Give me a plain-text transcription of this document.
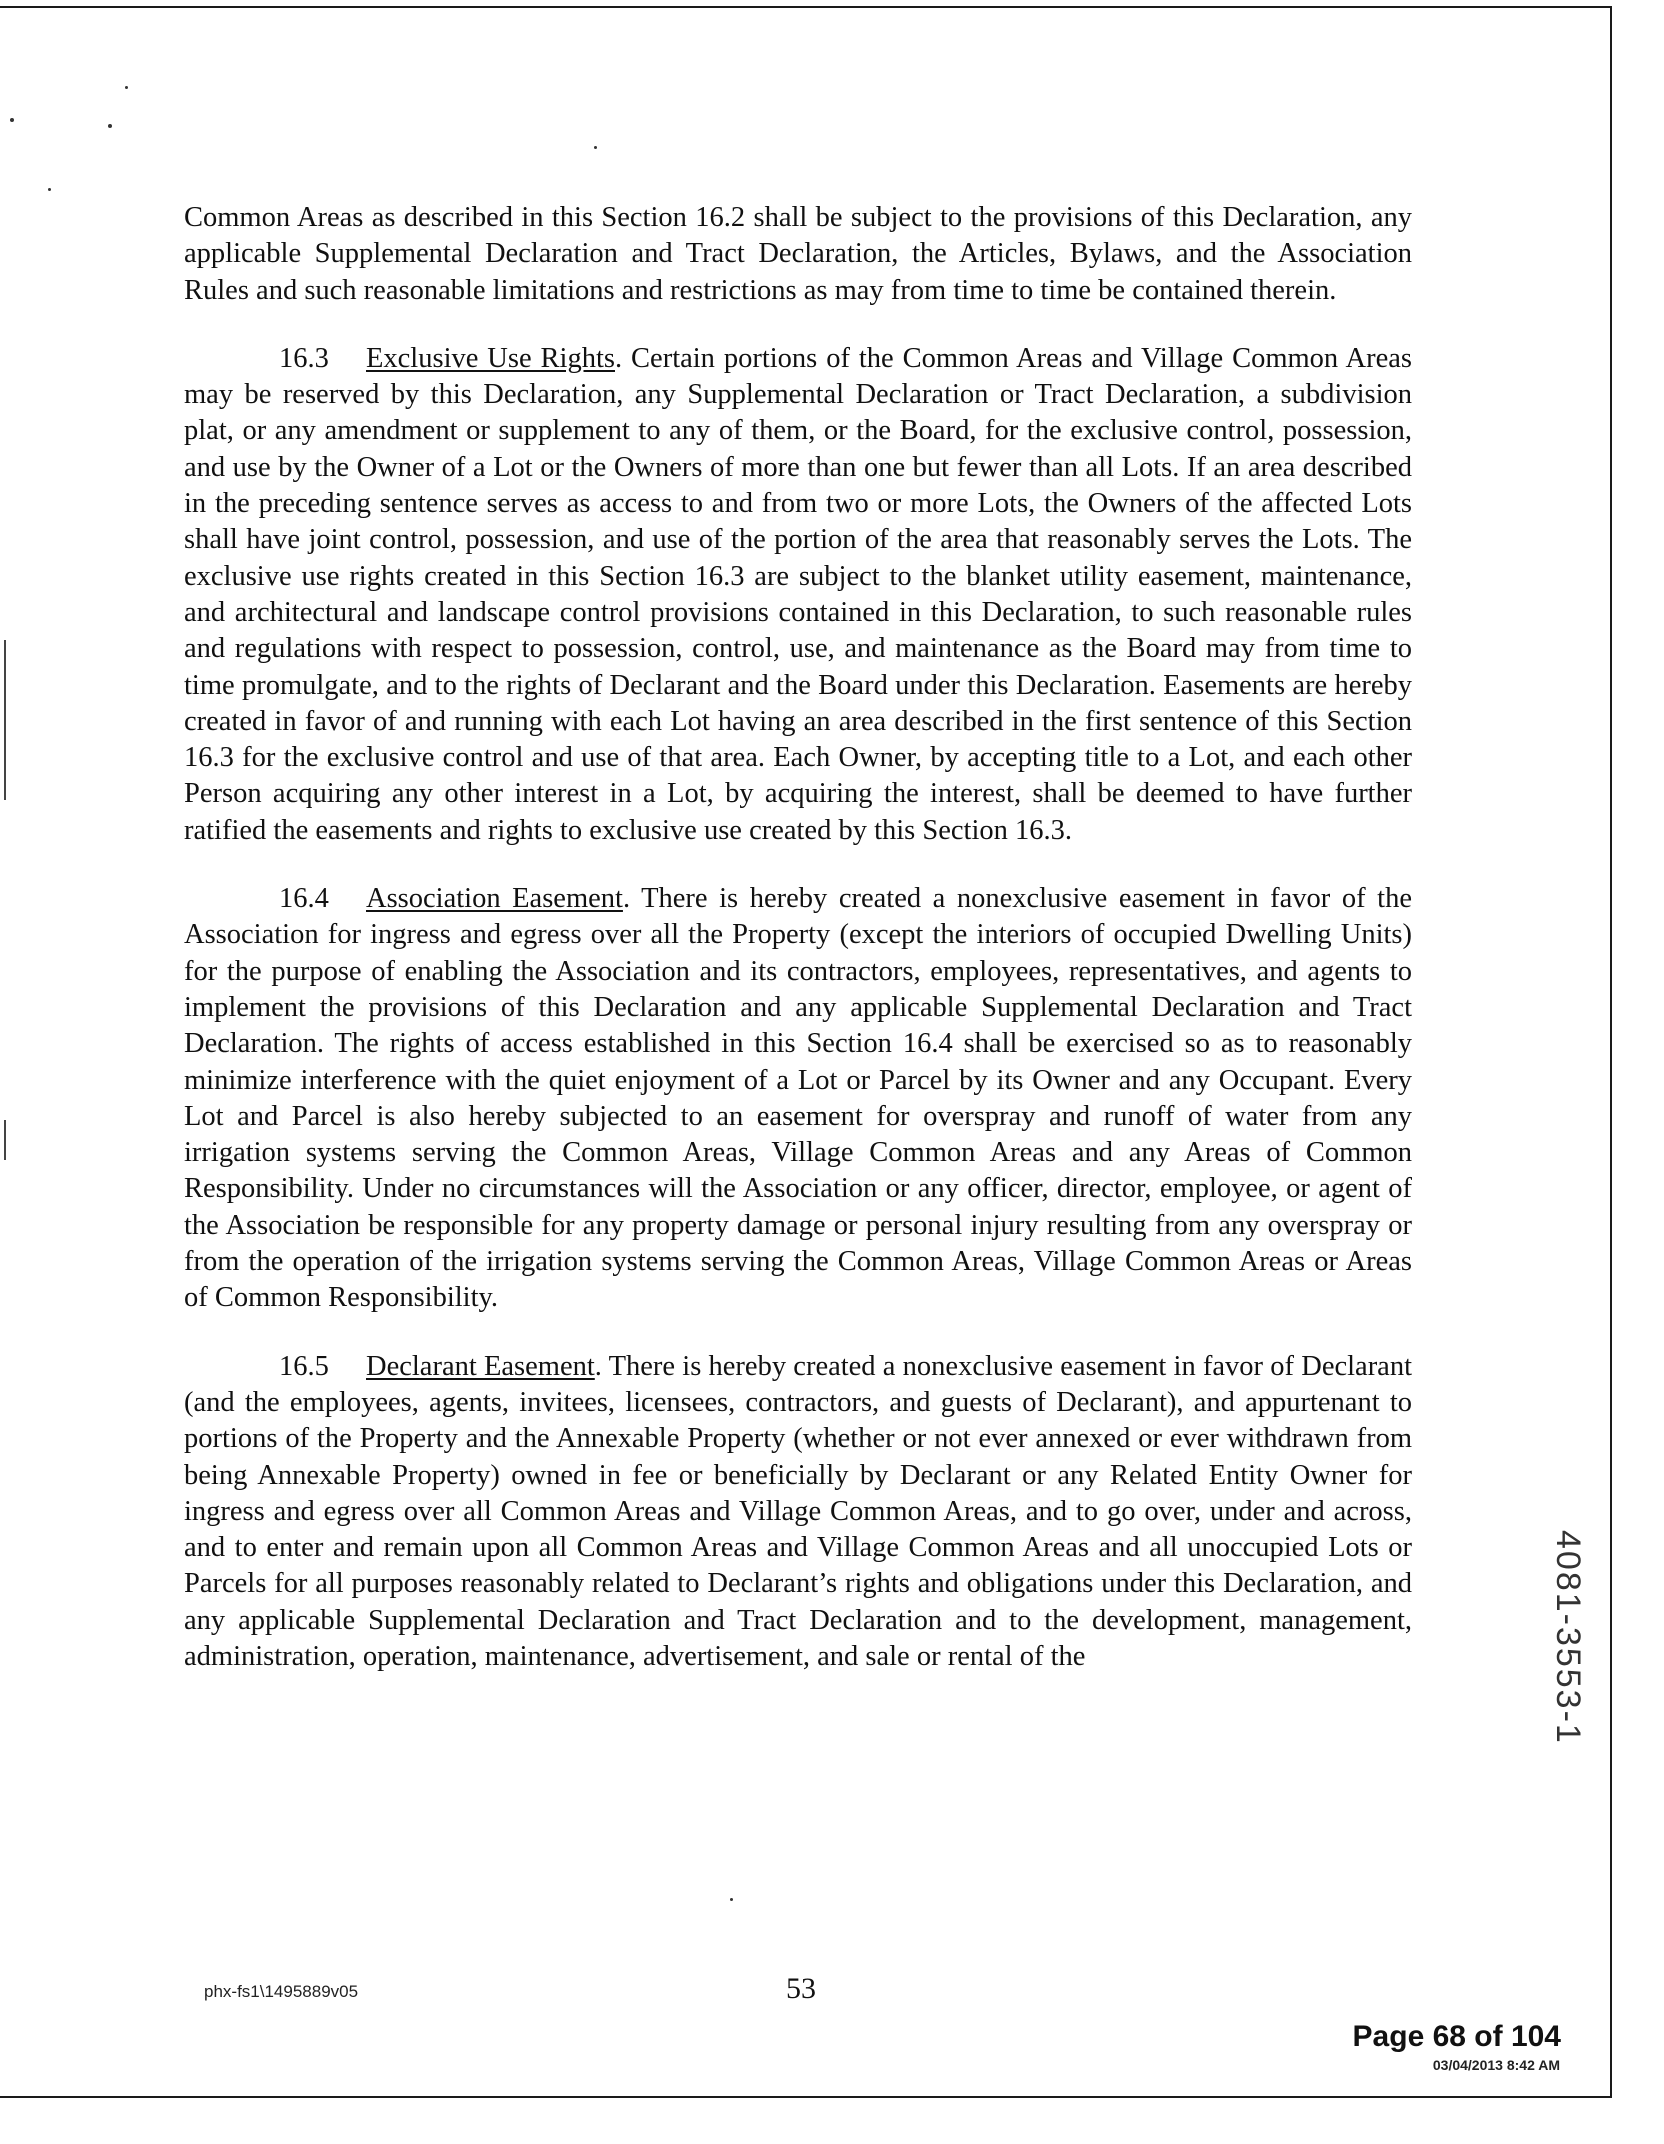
Common Areas as described in this Section 16.2 shall be subject to the provisions of this Declaration, any applicable Supplemental Declaration and Tract Declaration, the Articles, Bylaws, and the Association Rules and such reasonable limitations and restrictions as may from time to time be contained therein.

16.3 Exclusive Use Rights. Certain portions of the Common Areas and Village Common Areas may be reserved by this Declaration, any Supplemental Declaration or Tract Declaration, a subdivision plat, or any amendment or supplement to any of them, or the Board, for the exclusive control, possession, and use by the Owner of a Lot or the Owners of more than one but fewer than all Lots. If an area described in the preceding sentence serves as access to and from two or more Lots, the Owners of the affected Lots shall have joint control, possession, and use of the portion of the area that reasonably serves the Lots. The exclusive use rights created in this Section 16.3 are subject to the blanket utility easement, maintenance, and architectural and landscape control provisions contained in this Declaration, to such reasonable rules and regulations with respect to possession, control, use, and maintenance as the Board may from time to time promulgate, and to the rights of Declarant and the Board under this Declaration. Easements are hereby created in favor of and running with each Lot having an area described in the first sentence of this Section 16.3 for the exclusive control and use of that area. Each Owner, by accepting title to a Lot, and each other Person acquiring any other interest in a Lot, by acquiring the interest, shall be deemed to have further ratified the easements and rights to exclusive use created by this Section 16.3.

16.4 Association Easement. There is hereby created a nonexclusive easement in favor of the Association for ingress and egress over all the Property (except the interiors of occupied Dwelling Units) for the purpose of enabling the Association and its contractors, employees, representatives, and agents to implement the provisions of this Declaration and any applicable Supplemental Declaration and Tract Declaration. The rights of access established in this Section 16.4 shall be exercised so as to reasonably minimize interference with the quiet enjoyment of a Lot or Parcel by its Owner and any Occupant. Every Lot and Parcel is also hereby subjected to an easement for overspray and runoff of water from any irrigation systems serving the Common Areas, Village Common Areas and any Areas of Common Responsibility. Under no circumstances will the Association or any officer, director, employee, or agent of the Association be responsible for any property damage or personal injury resulting from any overspray or from the operation of the irrigation systems serving the Common Areas, Village Common Areas or Areas of Common Responsibility.

16.5 Declarant Easement. There is hereby created a nonexclusive easement in favor of Declarant (and the employees, agents, invitees, licensees, contractors, and guests of Declarant), and appurtenant to portions of the Property and the Annexable Property (whether or not ever annexed or ever withdrawn from being Annexable Property) owned in fee or beneficially by Declarant or any Related Entity Owner for ingress and egress over all Common Areas and Village Common Areas, and to go over, under and across, and to enter and remain upon all Common Areas and Village Common Areas and all unoccupied Lots or Parcels for all purposes reasonably related to Declarant’s rights and obligations under this Declaration, and any applicable Supplemental Declaration and Tract Declaration and to the development, management, administration, operation, maintenance, advertisement, and sale or rental of the	4081-3553-1
phx-fs1\1495889v05	53
Page 68 of 104
03/04/2013 8:42 AM
